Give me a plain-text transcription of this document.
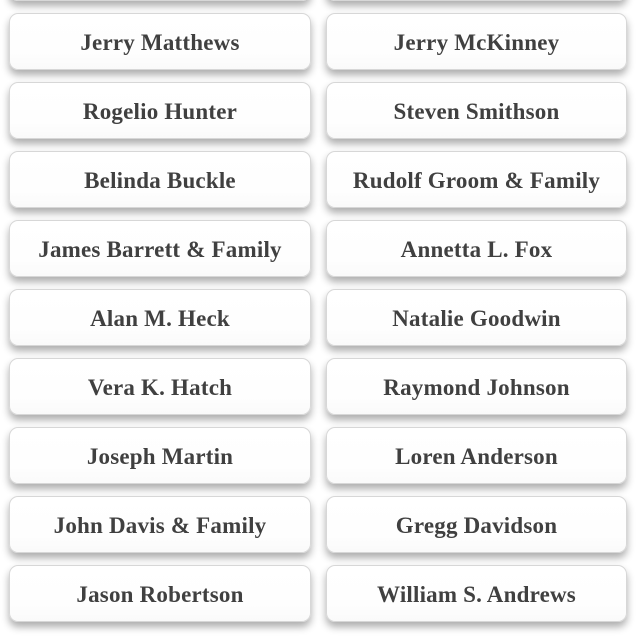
Jerry Matthews	Jerry McKinney
Rogelio Hunter	Steven Smithson
Belinda Buckle	Rudolf Groom & Family
James Barrett & Family	Annetta L. Fox
Alan M. Heck	Natalie Goodwin
Vera K. Hatch	Raymond Johnson
Joseph Martin	Loren Anderson
John Davis & Family	Gregg Davidson
Jason Robertson	William S. Andrews
